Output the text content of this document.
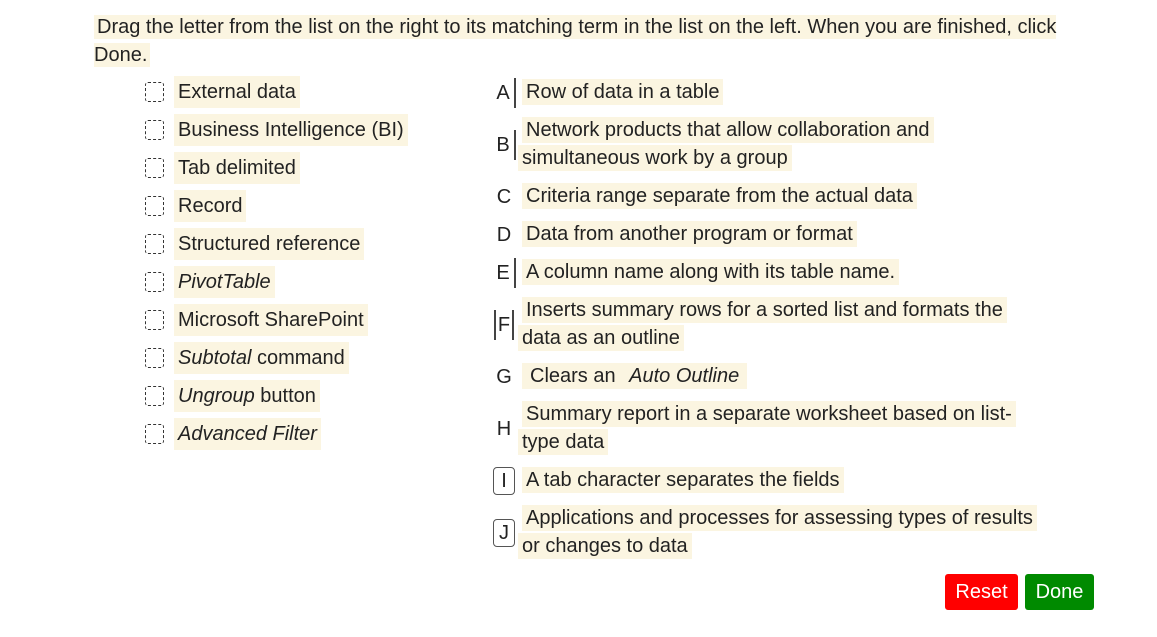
Drag the letter from the list on the right to its matching term in the list on the left. When you are finished, click Done.
External data
Business Intelligence (BI)
Tab delimited
Record
Structured reference
PivotTable
Microsoft SharePoint
Subtotal command
Ungroup button
Advanced Filter
A Row of data in a table
B
Network products that allow collaboration and
simultaneous work by a group
C Criteria range separate from the actual data
D Data from another program or format
E A column name along with its table name.
F
Inserts summary rows for a sorted list and formats the
data as an outline
G Clears an Auto Outline
H
Summary report in a separate worksheet based on list-
type data
I A tab character separates the fields
J
Applications and processes for assessing types of results
or changes to data
Reset	Done
